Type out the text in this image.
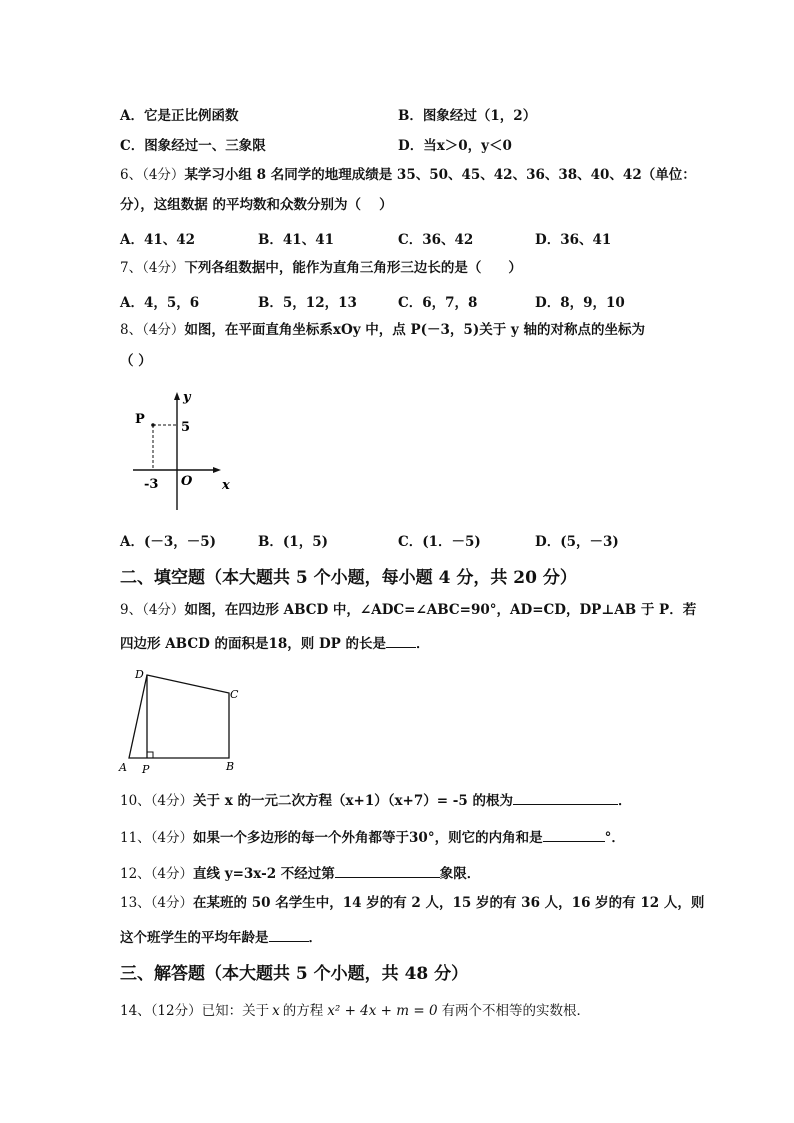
A．它是正比例函数	B．图象经过（1，2）
C．图象经过一、三象限	D．当x＞0，y＜0
6、（4分）某学习小组 8 名同学的地理成绩是 35、50、45、42、36、38、40、42（单位：
分），这组数据 的平均数和众数分别为（　 ）
A．41、42	B．41、41	C．36、42	D．36、41
7、（4分）下列各组数据中，能作为直角三角形三边长的是（　　）
A．4，5，6	B．5，12，13	C．6，7，8	D．8，9，10
8、（4分）如图，在平面直角坐标系xOy 中，点 P(－3，5)关于 y 轴的对称点的坐标为
（ ）
P
5
-3 O x
y
A．(－3，－5)	B．(1，5)	C．(1．－5)	D．(5，－3)
二、填空题（本大题共 5 个小题，每小题 4 分，共 20 分）
9、（4分）如图，在四边形 ABCD 中，∠ADC=∠ABC=90°，AD=CD，DP⊥AB 于 P．若
四边形 ABCD 的面积是18，则 DP 的长是 ．
A P	B
C
D
10、（4分）关于 x 的一元二次方程（x+1）（x+7）= -5 的根为	．
11、（4分）如果一个多边形的每一个外角都等于30°，则它的内角和是	°．
12、（4分）直线 y=3x-2 不经过第	象限．
13、（4分）在某班的 50 名学生中，14 岁的有 2 人，15 岁的有 36 人，16 岁的有 12 人，则
这个班学生的平均年龄是	．
三、解答题（本大题共 5 个小题，共 48 分）
14、（12分）已知：关于 x 的方程 x² + 4x + m = 0 有两个不相等的实数根．
